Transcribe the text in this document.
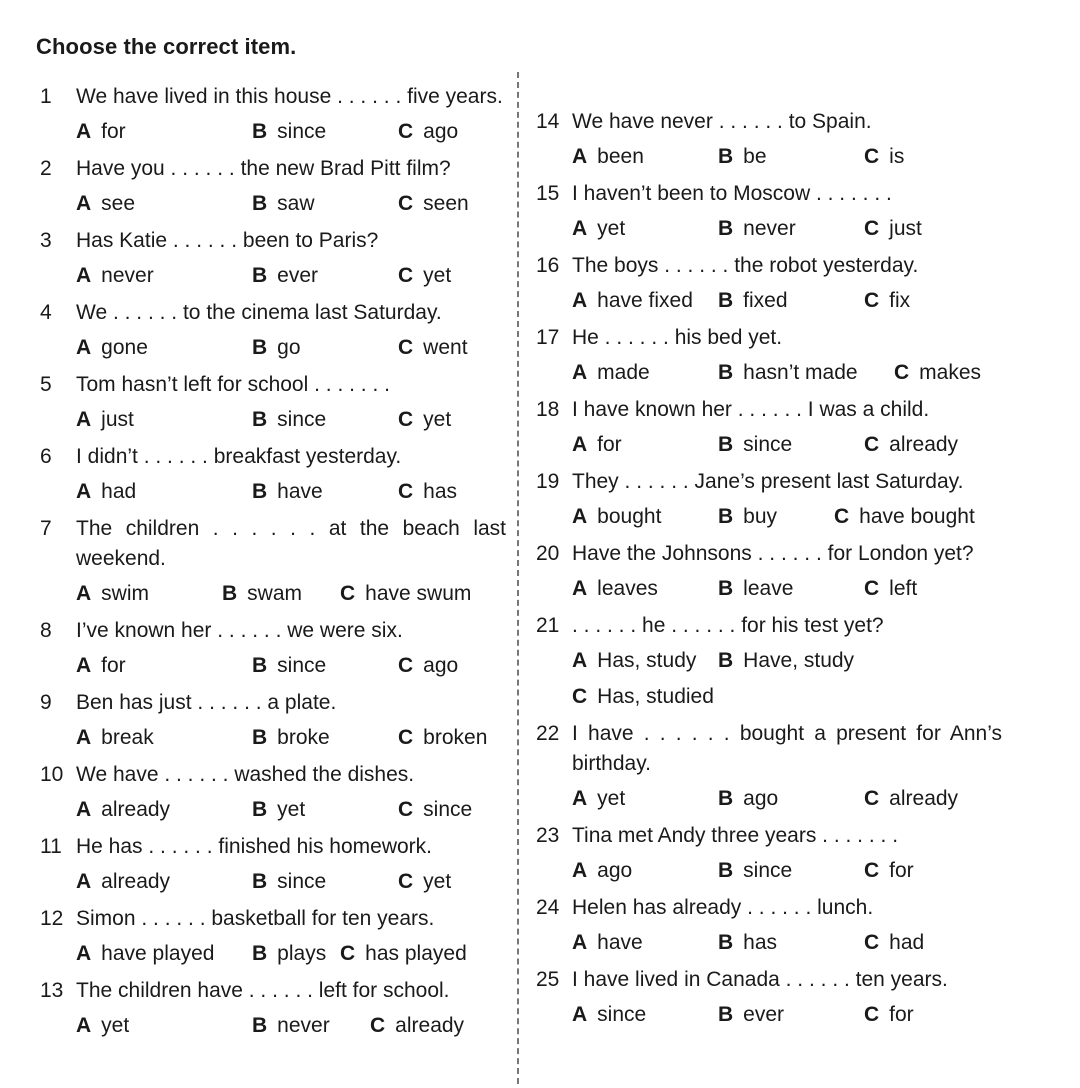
Choose the correct item.
1	We have lived in this house . . . . . . five years.
A for	B since	C ago
2	Have you . . . . . . the new Brad Pitt film?
A see	B saw	C seen
3	Has Katie . . . . . . been to Paris?
A never	B ever	C yet
4	We . . . . . . to the cinema last Saturday.
A gone	B go	C went
5	Tom hasn’t left for school . . . . . . .
A just	B since	C yet
6	I didn’t . . . . . . breakfast yesterday.
A had	B have	C has
7	The children . . . . . . at the beach last weekend.
A swim	B swam C have swum
8	I’ve known her . . . . . . we were six.
A for	B since	C ago
9	Ben has just . . . . . . a plate.
A break	B broke	C broken
10 We have . . . . . . washed the dishes.
A already	B yet	C since
11 He has . . . . . . finished his homework.
A already	B since	C yet
12 Simon . . . . . . basketball for ten years.
A have played B plays C has played
13 The children have . . . . . . left for school.
A yet	B never C already
14 We have never . . . . . . to Spain.
A been	B be	C is
15 I haven’t been to Moscow . . . . . . .
A yet	B never	C just
16 The boys . . . . . . the robot yesterday.
A have fixed B fixed	C fix
17 He . . . . . . his bed yet.
A made	B hasn’t made C makes
18 I have known her . . . . . . I was a child.
A for	B since	C already
19 They . . . . . . Jane’s present last Saturday.
A bought	B buy	C have bought
20 Have the Johnsons . . . . . . for London yet?
A leaves	B leave	C left
21 . . . . . . he . . . . . . for his test yet?
A Has, study B Have, study
C Has, studied
22 I have . . . . . . bought a present for Ann’s birthday.
A yet	B ago	C already
23 Tina met Andy three years . . . . . . .
A ago	B since	C for
24 Helen has already . . . . . . lunch.
A have	B has	C had
25 I have lived in Canada . . . . . . ten years.
A since	B ever	C for
